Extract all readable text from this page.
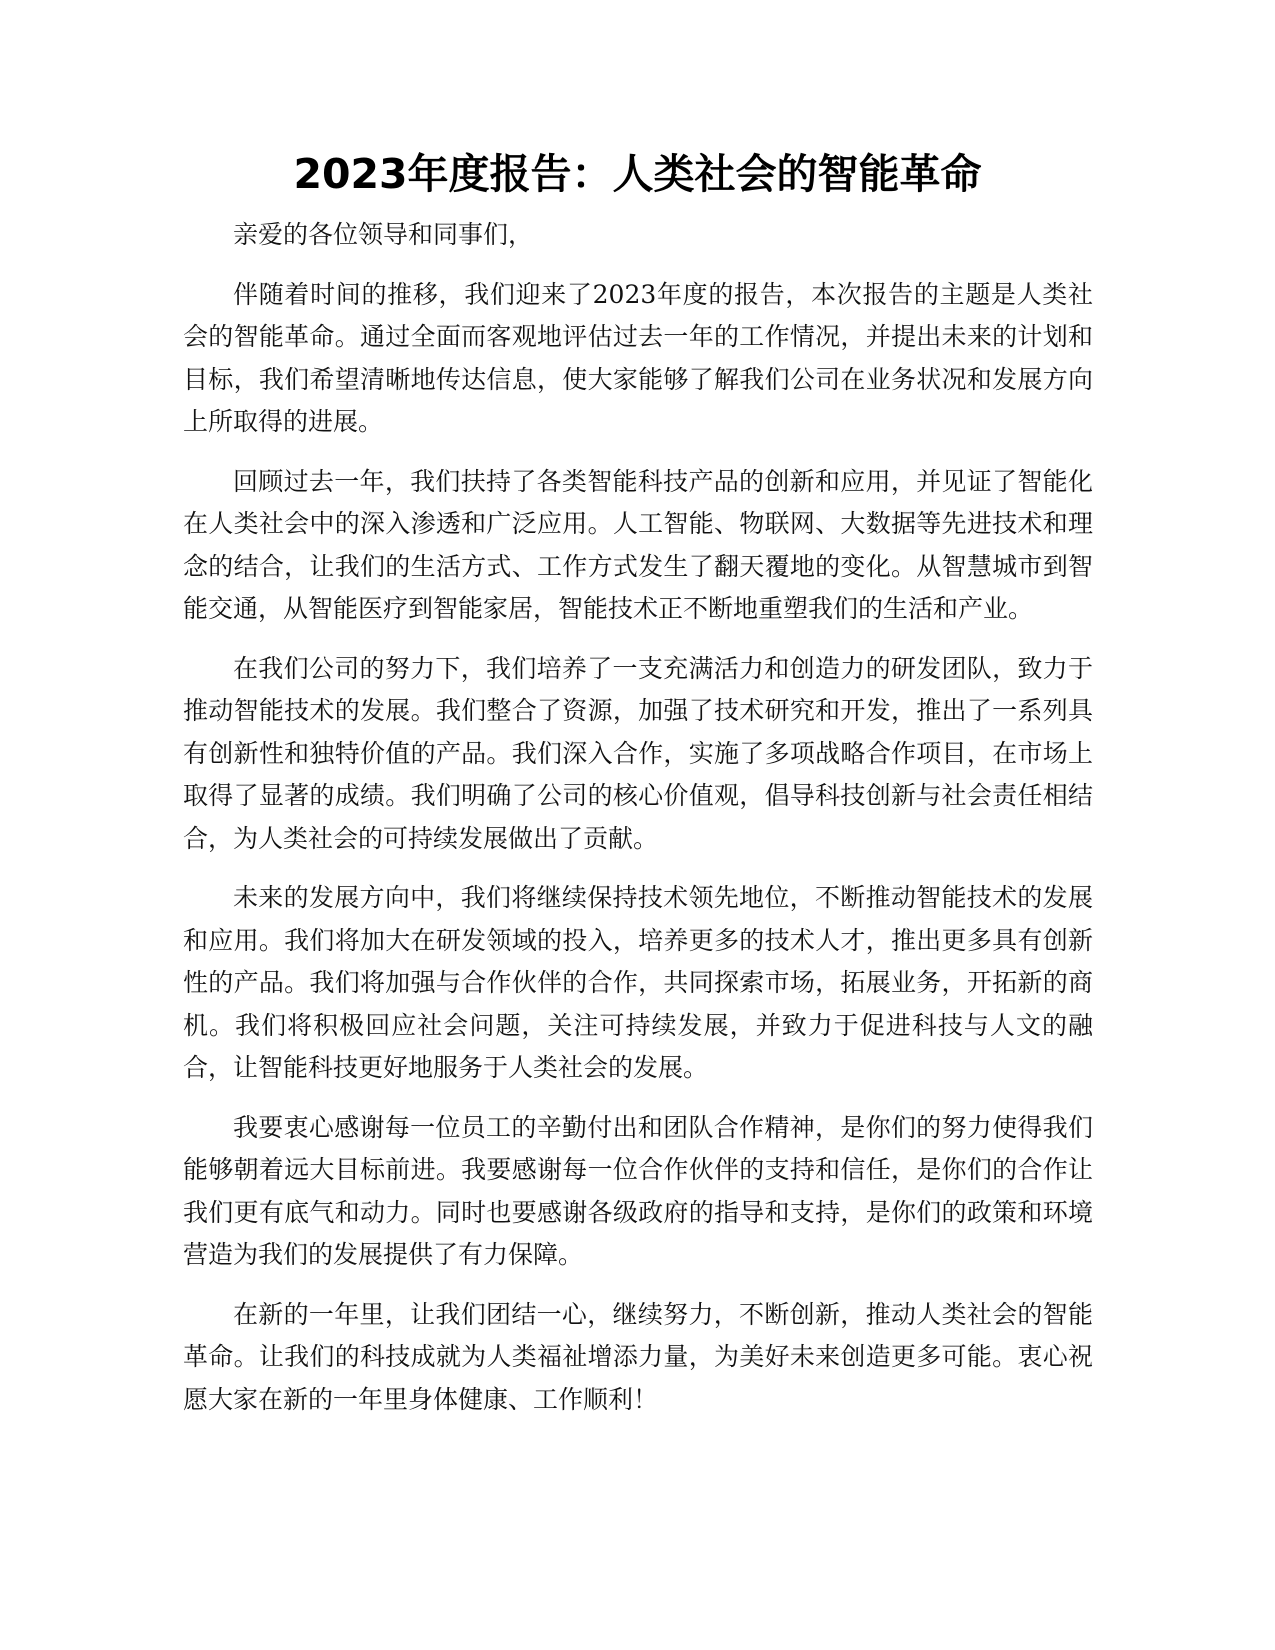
2023年度报告：人类社会的智能革命

亲爱的各位领导和同事们，

伴随着时间的推移，我们迎来了2023年度的报告，本次报告的主题是人类社会的智能革命。通过全面而客观地评估过去一年的工作情况，并提出未来的计划和目标，我们希望清晰地传达信息，使大家能够了解我们公司在业务状况和发展方向上所取得的进展。

回顾过去一年，我们扶持了各类智能科技产品的创新和应用，并见证了智能化在人类社会中的深入渗透和广泛应用。人工智能、物联网、大数据等先进技术和理念的结合，让我们的生活方式、工作方式发生了翻天覆地的变化。从智慧城市到智能交通，从智能医疗到智能家居，智能技术正不断地重塑我们的生活和产业。

在我们公司的努力下，我们培养了一支充满活力和创造力的研发团队，致力于推动智能技术的发展。我们整合了资源，加强了技术研究和开发，推出了一系列具有创新性和独特价值的产品。我们深入合作，实施了多项战略合作项目，在市场上取得了显著的成绩。我们明确了公司的核心价值观，倡导科技创新与社会责任相结合，为人类社会的可持续发展做出了贡献。

未来的发展方向中，我们将继续保持技术领先地位，不断推动智能技术的发展和应用。我们将加大在研发领域的投入，培养更多的技术人才，推出更多具有创新性的产品。我们将加强与合作伙伴的合作，共同探索市场，拓展业务，开拓新的商机。我们将积极回应社会问题，关注可持续发展，并致力于促进科技与人文的融合，让智能科技更好地服务于人类社会的发展。

我要衷心感谢每一位员工的辛勤付出和团队合作精神，是你们的努力使得我们能够朝着远大目标前进。我要感谢每一位合作伙伴的支持和信任，是你们的合作让我们更有底气和动力。同时也要感谢各级政府的指导和支持，是你们的政策和环境营造为我们的发展提供了有力保障。

在新的一年里，让我们团结一心，继续努力，不断创新，推动人类社会的智能革命。让我们的科技成就为人类福祉增添力量，为美好未来创造更多可能。衷心祝愿大家在新的一年里身体健康、工作顺利！
